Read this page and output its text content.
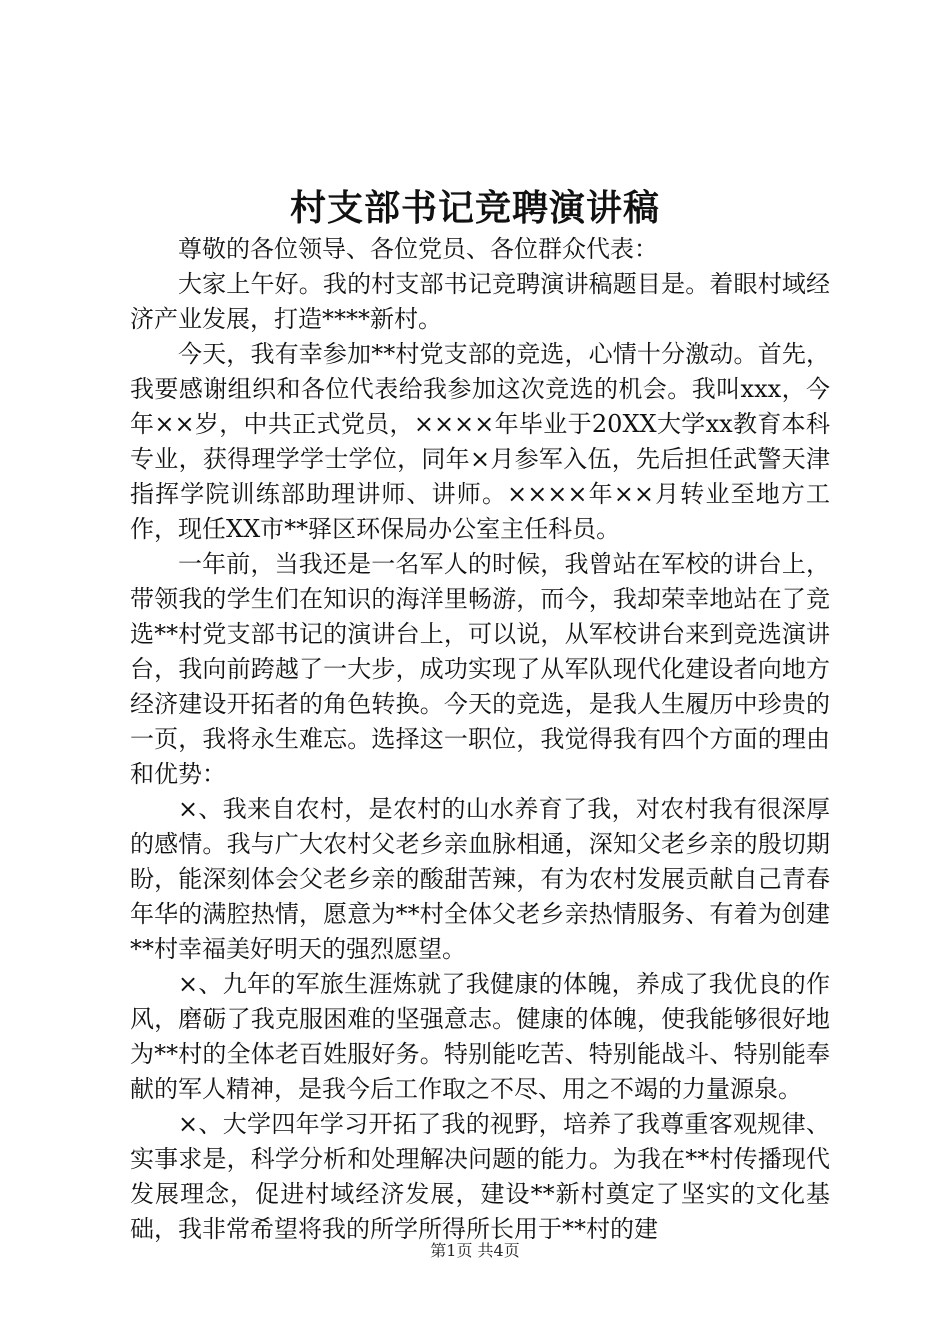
村支部书记竞聘演讲稿

尊敬的各位领导、各位党员、各位群众代表：

大家上午好。我的村支部书记竞聘演讲稿题目是。着眼村域经济产业发展，打造****新村。

今天，我有幸参加**村党支部的竞选，心情十分激动。首先，我要感谢组织和各位代表给我参加这次竞选的机会。我叫xxx，今年××岁，中共正式党员，××××年毕业于20XX大学xx教育本科专业，获得理学学士学位，同年×月参军入伍，先后担任武警天津指挥学院训练部助理讲师、讲师。××××年××月转业至地方工作，现任XX市**驿区环保局办公室主任科员。

一年前，当我还是一名军人的时候，我曾站在军校的讲台上，带领我的学生们在知识的海洋里畅游，而今，我却荣幸地站在了竞选**村党支部书记的演讲台上，可以说，从军校讲台来到竞选演讲台，我向前跨越了一大步，成功实现了从军队现代化建设者向地方经济建设开拓者的角色转换。今天的竞选，是我人生履历中珍贵的一页，我将永生难忘。选择这一职位，我觉得我有四个方面的理由和优势：

×、我来自农村，是农村的山水养育了我，对农村我有很深厚的感情。我与广大农村父老乡亲血脉相通，深知父老乡亲的殷切期盼，能深刻体会父老乡亲的酸甜苦辣，有为农村发展贡献自己青春年华的满腔热情，愿意为**村全体父老乡亲热情服务、有着为创建**村幸福美好明天的强烈愿望。

×、九年的军旅生涯炼就了我健康的体魄，养成了我优良的作风，磨砺了我克服困难的坚强意志。健康的体魄，使我能够很好地为**村的全体老百姓服好务。特别能吃苦、特别能战斗、特别能奉献的军人精神，是我今后工作取之不尽、用之不竭的力量源泉。

×、大学四年学习开拓了我的视野，培养了我尊重客观规律、实事求是，科学分析和处理解决问题的能力。为我在**村传播现代发展理念，促进村域经济发展，建设**新村奠定了坚实的文化基础，我非常希望将我的所学所得所长用于**村的建

第1页 共4页
